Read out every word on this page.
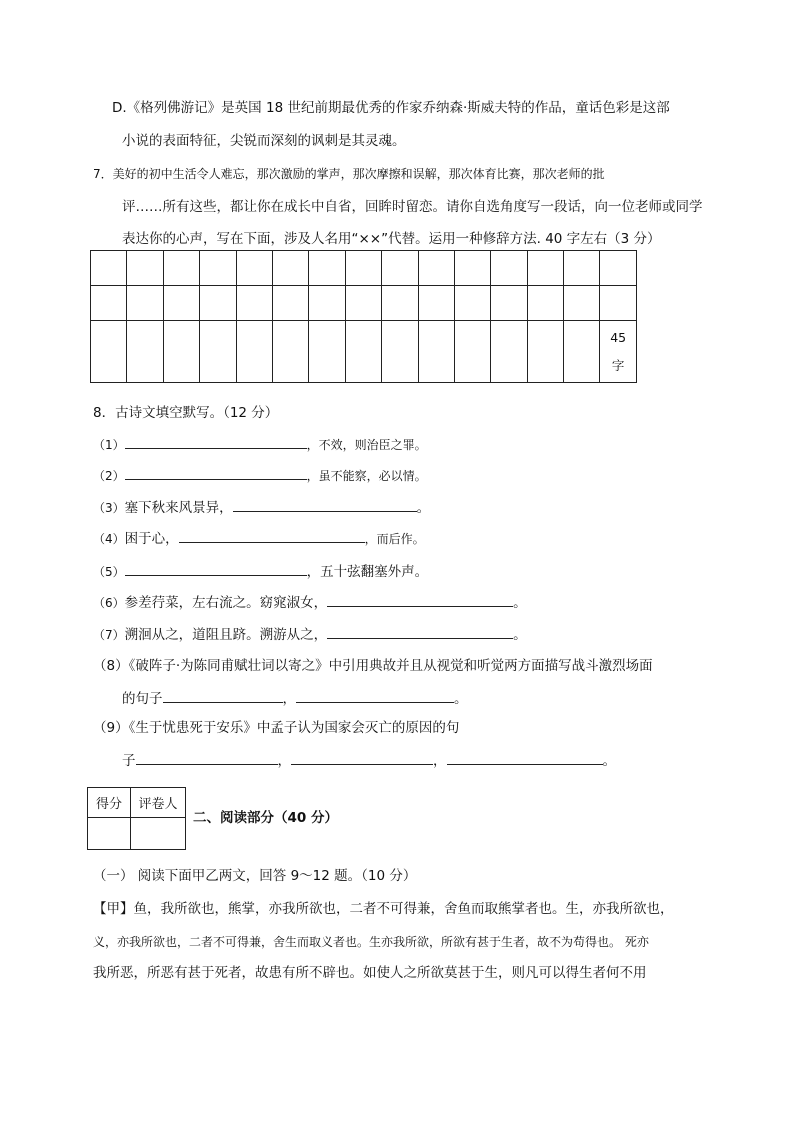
D.《格列佛游记》是英国 18 世纪前期最优秀的作家乔纳森·斯威夫特的作品，童话色彩是这部
小说的表面特征，尖锐而深刻的讽刺是其灵魂。
7．美好的初中生活令人难忘，那次激励的掌声，那次摩擦和误解，那次体育比赛，那次老师的批
评……所有这些，都让你在成长中自省，回眸时留恋。请你自选角度写一段话，向一位老师或同学
表达你的心声，写在下面，涉及人名用“××”代替。运用一种修辞方法. 40 字左右（3 分）

														45
字
8．古诗文填空默写。（12 分）
（1）	，不效，则治臣之罪。
（2）	，虽不能察，必以情。
（3）塞下秋来风景异，	。
（4）困于心，	，而后作。
（5）	，五十弦翻塞外声。
（6）参差荇菜，左右流之。窈窕淑女，	。
（7）溯洄从之，道阻且跻。溯游从之，	。
（8）《破阵子·为陈同甫赋壮词以寄之》中引用典故并且从视觉和听觉两方面描写战斗激烈场面
的句子	，	。
（9）《生于忧患死于安乐》中孟子认为国家会灭亡的原因的句
子	，	，	。
得分	评卷人

二、阅读部分（40 分）
（一） 阅读下面甲乙两文，回答 9～12 题。（10 分）
【甲】鱼，我所欲也，熊掌，亦我所欲也，二者不可得兼，舍鱼而取熊掌者也。生，亦我所欲也，
义，亦我所欲也，二者不可得兼，舍生而取义者也。生亦我所欲，所欲有甚于生者，故不为苟得也。 死亦
我所恶，所恶有甚于死者，故患有所不辟也。如使人之所欲莫甚于生，则凡可以得生者何不用
